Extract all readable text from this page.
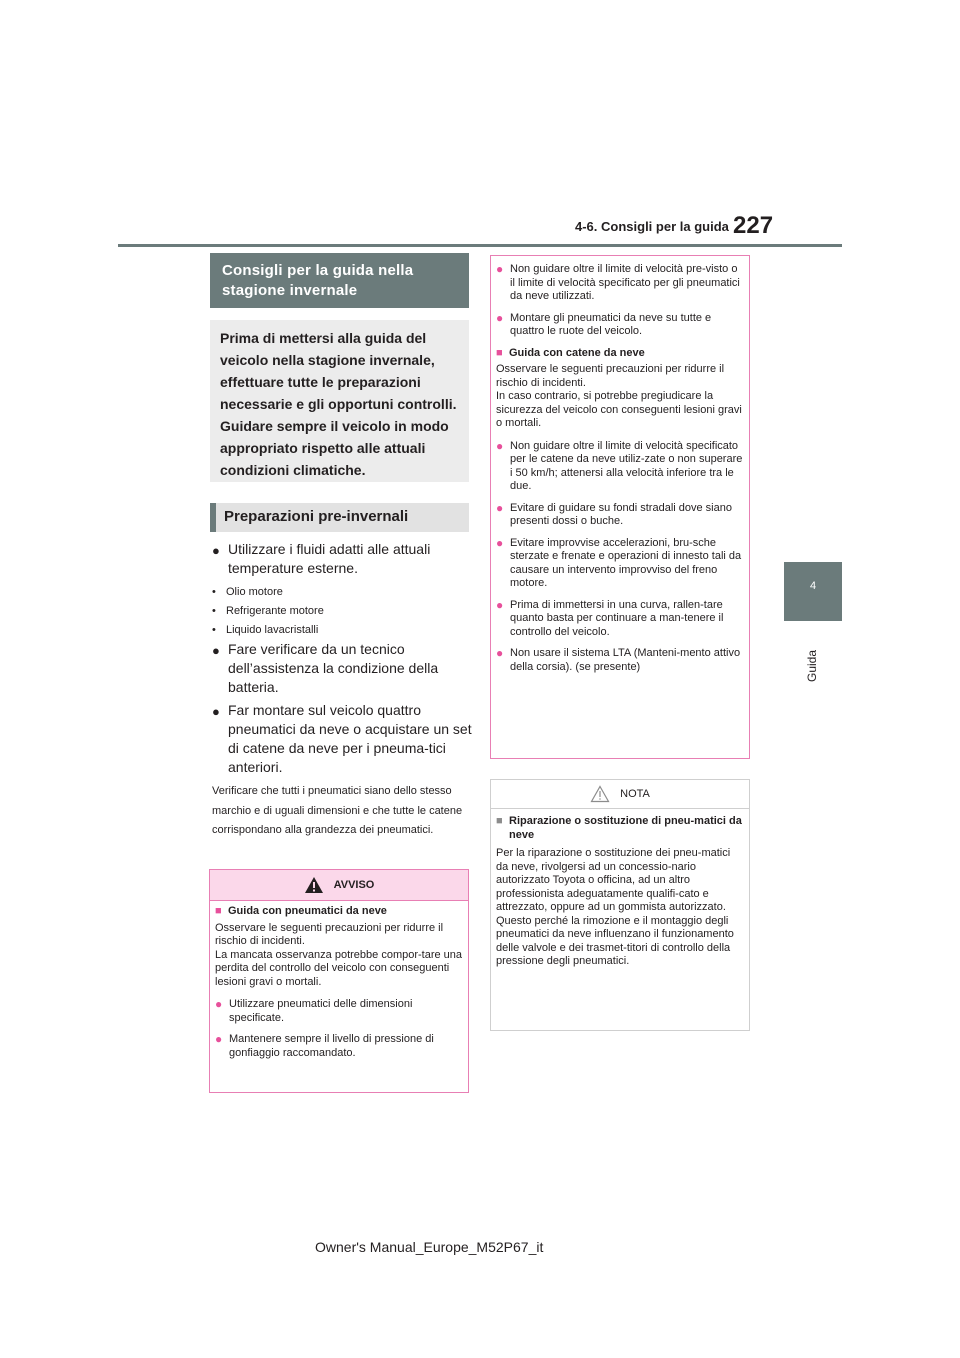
227
4-6. Consigli per la guida
4
Guida
Consigli per la guida nella stagione invernale
Prima di mettersi alla guida del veicolo nella stagione invernale, effettuare tutte le preparazioni necessarie e gli opportuni controlli. Guidare sempre il veicolo in modo appropriato rispetto alle attuali condizioni climatiche.
Preparazioni pre-invernali
● Utilizzare i fluidi adatti alle attuali temperature esterne.
• Olio motore
• Refrigerante motore
• Liquido lavacristalli
● Fare verificare da un tecnico dell’assistenza la condizione della batteria.
● Far montare sul veicolo quattro pneumatici da neve o acquistare un set di catene da neve per i pneuma-tici anteriori.
Verificare che tutti i pneumatici siano dello stesso marchio e di uguali dimensioni e che tutte le catene corrispondano alla grandezza dei pneumatici.
AVVISO
■ Guida con pneumatici da neve
Osservare le seguenti precauzioni per ridurre il rischio di incidenti.
La mancata osservanza potrebbe compor-tare una perdita del controllo del veicolo con conseguenti lesioni gravi o mortali.
● Utilizzare pneumatici delle dimensioni specificate.
● Mantenere sempre il livello di pressione di gonfiaggio raccomandato.
● Non guidare oltre il limite di velocità pre-visto o il limite di velocità specificato per gli pneumatici da neve utilizzati.
● Montare gli pneumatici da neve su tutte e quattro le ruote del veicolo.
■ Guida con catene da neve
Osservare le seguenti precauzioni per ridurre il rischio di incidenti.
In caso contrario, si potrebbe pregiudicare la sicurezza del veicolo con conseguenti lesioni gravi o mortali.
● Non guidare oltre il limite di velocità specificato per le catene da neve utiliz-zate o non superare i 50 km/h; attenersi alla velocità inferiore tra le due.
● Evitare di guidare su fondi stradali dove siano presenti dossi o buche.
● Evitare improvvise accelerazioni, bru-sche sterzate e frenate e operazioni di innesto tali da causare un intervento improvviso del freno motore.
● Prima di immettersi in una curva, rallen-tare quanto basta per continuare a man-tenere il controllo del veicolo.
● Non usare il sistema LTA (Manteni-mento attivo della corsia). (se presente)
NOTA
■ Riparazione o sostituzione di pneu-matici da neve
Per la riparazione o sostituzione dei pneu-matici da neve, rivolgersi ad un concessio-nario autorizzato Toyota o officina, ad un altro professionista adeguatamente qualifi-cato e attrezzato, oppure ad un gommista autorizzato.
Questo perché la rimozione e il montaggio degli pneumatici da neve influenzano il funzionamento delle valvole e dei trasmet-titori di controllo della pressione degli pneumatici.
Owner's Manual_Europe_M52P67_it
